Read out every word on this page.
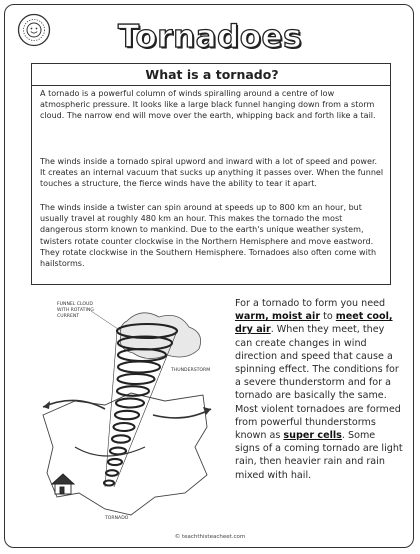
Tornadoes
What is a tornado?

A tornado is a powerful column of winds spiralling around a centre of low atmospheric pressure. It looks like a large black funnel hanging down from a storm cloud. The narrow end will move over the earth, whipping back and forth like a tail.

The winds inside a tornado spiral upword and inward with a lot of speed and power. It creates an internal vacuum that sucks up anything it passes over. When the funnel touches a structure, the fierce winds have the ability to tear it apart.

The winds inside a twister can spin around at speeds up to 800 km an hour, but usually travel at roughly 480 km an hour. This makes the tornado the most dangerous storm known to mankind. Due to the earth's unique weather system, twisters rotate counter clockwise in the Northern Hemisphere and move eastword. They rotate clockwise in the Southern Hemisphere. Tornadoes also often come with hailstorms.

FUNNEL CLOUD WITH ROTATING CURRENT
THUNDERSTORM
TORNADO

For a tornado to form you need warm, moist air to meet cool, dry air. When they meet, they can create changes in wind direction and speed that cause a spinning effect. The conditions for a severe thunderstorm and for a tornado are basically the same. Most violent tornadoes are formed from powerful thunderstorms known as super cells. Some signs of a coming tornado are light rain, then heavier rain and rain mixed with hail.

© teachthisteacheet.com
